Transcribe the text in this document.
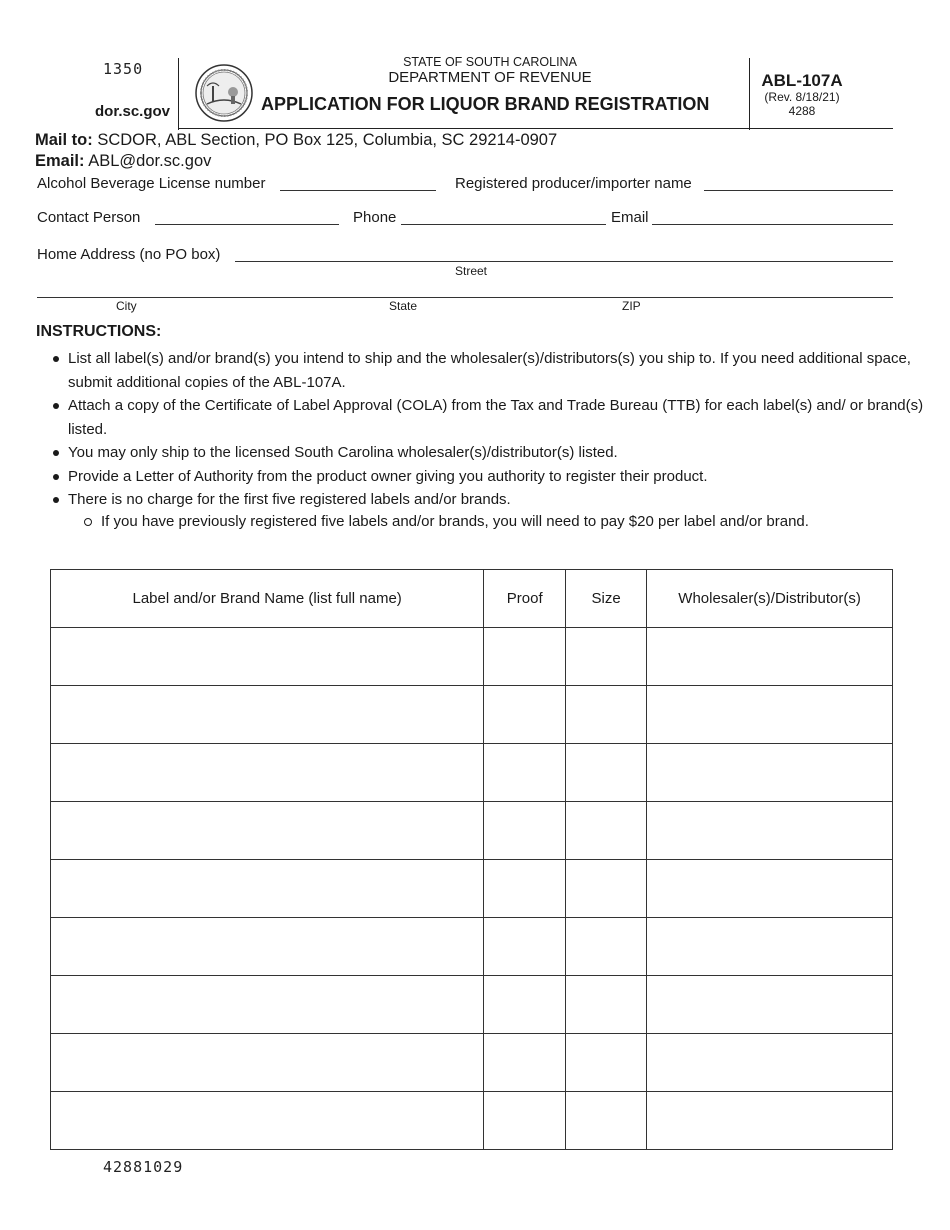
1350
dor.sc.gov
STATE OF SOUTH CAROLINA
DEPARTMENT OF REVENUE
APPLICATION FOR LIQUOR BRAND REGISTRATION
ABL-107A
(Rev. 8/18/21)
4288
Mail to: SCDOR, ABL Section, PO Box 125, Columbia, SC 29214-0907
Email: ABL@dor.sc.gov
Alcohol Beverage License number	Registered producer/importer name
Contact Person	Phone	Email
Home Address (no PO box)
Street
City	State	ZIP
INSTRUCTIONS:
List all label(s) and/or brand(s) you intend to ship and the wholesaler(s)/distributors(s) you ship to. If you need additional space, submit additional copies of the ABL-107A.
Attach a copy of the Certificate of Label Approval (COLA) from the Tax and Trade Bureau (TTB) for each label(s) and/ or brand(s) listed.
You may only ship to the licensed South Carolina wholesaler(s)/distributor(s) listed.
Provide a Letter of Authority from the product owner giving you authority to register their product.
There is no charge for the first five registered labels and/or brands.
If you have previously registered five labels and/or brands, you will need to pay $20 per label and/or brand.
Label and/or Brand Name (list full name)	Proof	Size	Wholesaler(s)/Distributor(s)

42881029
